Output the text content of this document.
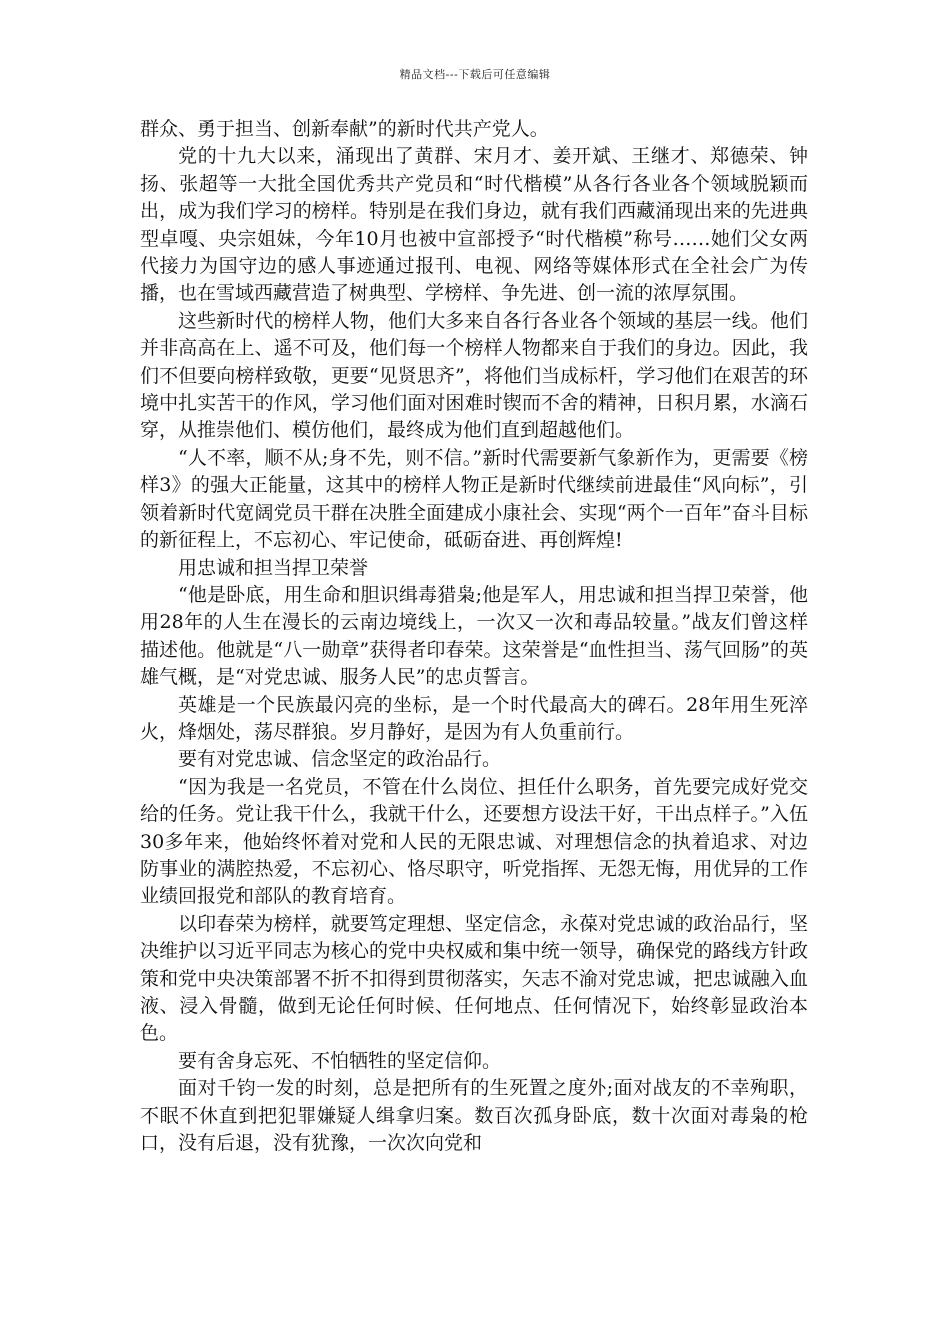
精品文档---下载后可任意编辑

群众、勇于担当、创新奉献”的新时代共产党人。

党的十九大以来，涌现出了黄群、宋月才、姜开斌、王继才、郑德荣、钟扬、张超等一大批全国优秀共产党员和“时代楷模”从各行各业各个领域脱颖而出，成为我们学习的榜样。特别是在我们身边，就有我们西藏涌现出来的先进典型卓嘎、央宗姐妹，今年10月也被中宣部授予“时代楷模”称号……她们父女两代接力为国守边的感人事迹通过报刊、电视、网络等媒体形式在全社会广为传播，也在雪域西藏营造了树典型、学榜样、争先进、创一流的浓厚氛围。

这些新时代的榜样人物，他们大多来自各行各业各个领域的基层一线。他们并非高高在上、遥不可及，他们每一个榜样人物都来自于我们的身边。因此，我们不但要向榜样致敬，更要“见贤思齐”，将他们当成标杆，学习他们在艰苦的环境中扎实苦干的作风，学习他们面对困难时锲而不舍的精神，日积月累，水滴石穿，从推崇他们、模仿他们，最终成为他们直到超越他们。

“人不率，顺不从;身不先，则不信。”新时代需要新气象新作为，更需要《榜样3》的强大正能量，这其中的榜样人物正是新时代继续前进最佳“风向标”，引领着新时代宽阔党员干群在决胜全面建成小康社会、实现“两个一百年”奋斗目标的新征程上，不忘初心、牢记使命，砥砺奋进、再创辉煌!

用忠诚和担当捍卫荣誉

“他是卧底，用生命和胆识缉毒猎枭;他是军人，用忠诚和担当捍卫荣誉，他用28年的人生在漫长的云南边境线上，一次又一次和毒品较量。”战友们曾这样描述他。他就是“八一勋章”获得者印春荣。这荣誉是“血性担当、荡气回肠”的英雄气概，是“对党忠诚、服务人民”的忠贞誓言。

英雄是一个民族最闪亮的坐标，是一个时代最高大的碑石。28年用生死淬火，烽烟处，荡尽群狼。岁月静好，是因为有人负重前行。

要有对党忠诚、信念坚定的政治品行。

“因为我是一名党员，不管在什么岗位、担任什么职务，首先要完成好党交给的任务。党让我干什么，我就干什么，还要想方设法干好，干出点样子。”入伍30多年来，他始终怀着对党和人民的无限忠诚、对理想信念的执着追求、对边防事业的满腔热爱，不忘初心、恪尽职守，听党指挥、无怨无悔，用优异的工作业绩回报党和部队的教育培育。

以印春荣为榜样，就要笃定理想、坚定信念，永葆对党忠诚的政治品行，坚决维护以习近平同志为核心的党中央权威和集中统一领导，确保党的路线方针政策和党中央决策部署不折不扣得到贯彻落实，矢志不渝对党忠诚，把忠诚融入血液、浸入骨髓，做到无论任何时候、任何地点、任何情况下，始终彰显政治本色。

要有舍身忘死、不怕牺牲的坚定信仰。

面对千钧一发的时刻，总是把所有的生死置之度外;面对战友的不幸殉职，不眠不休直到把犯罪嫌疑人缉拿归案。数百次孤身卧底，数十次面对毒枭的枪口，没有后退，没有犹豫，一次次向党和
